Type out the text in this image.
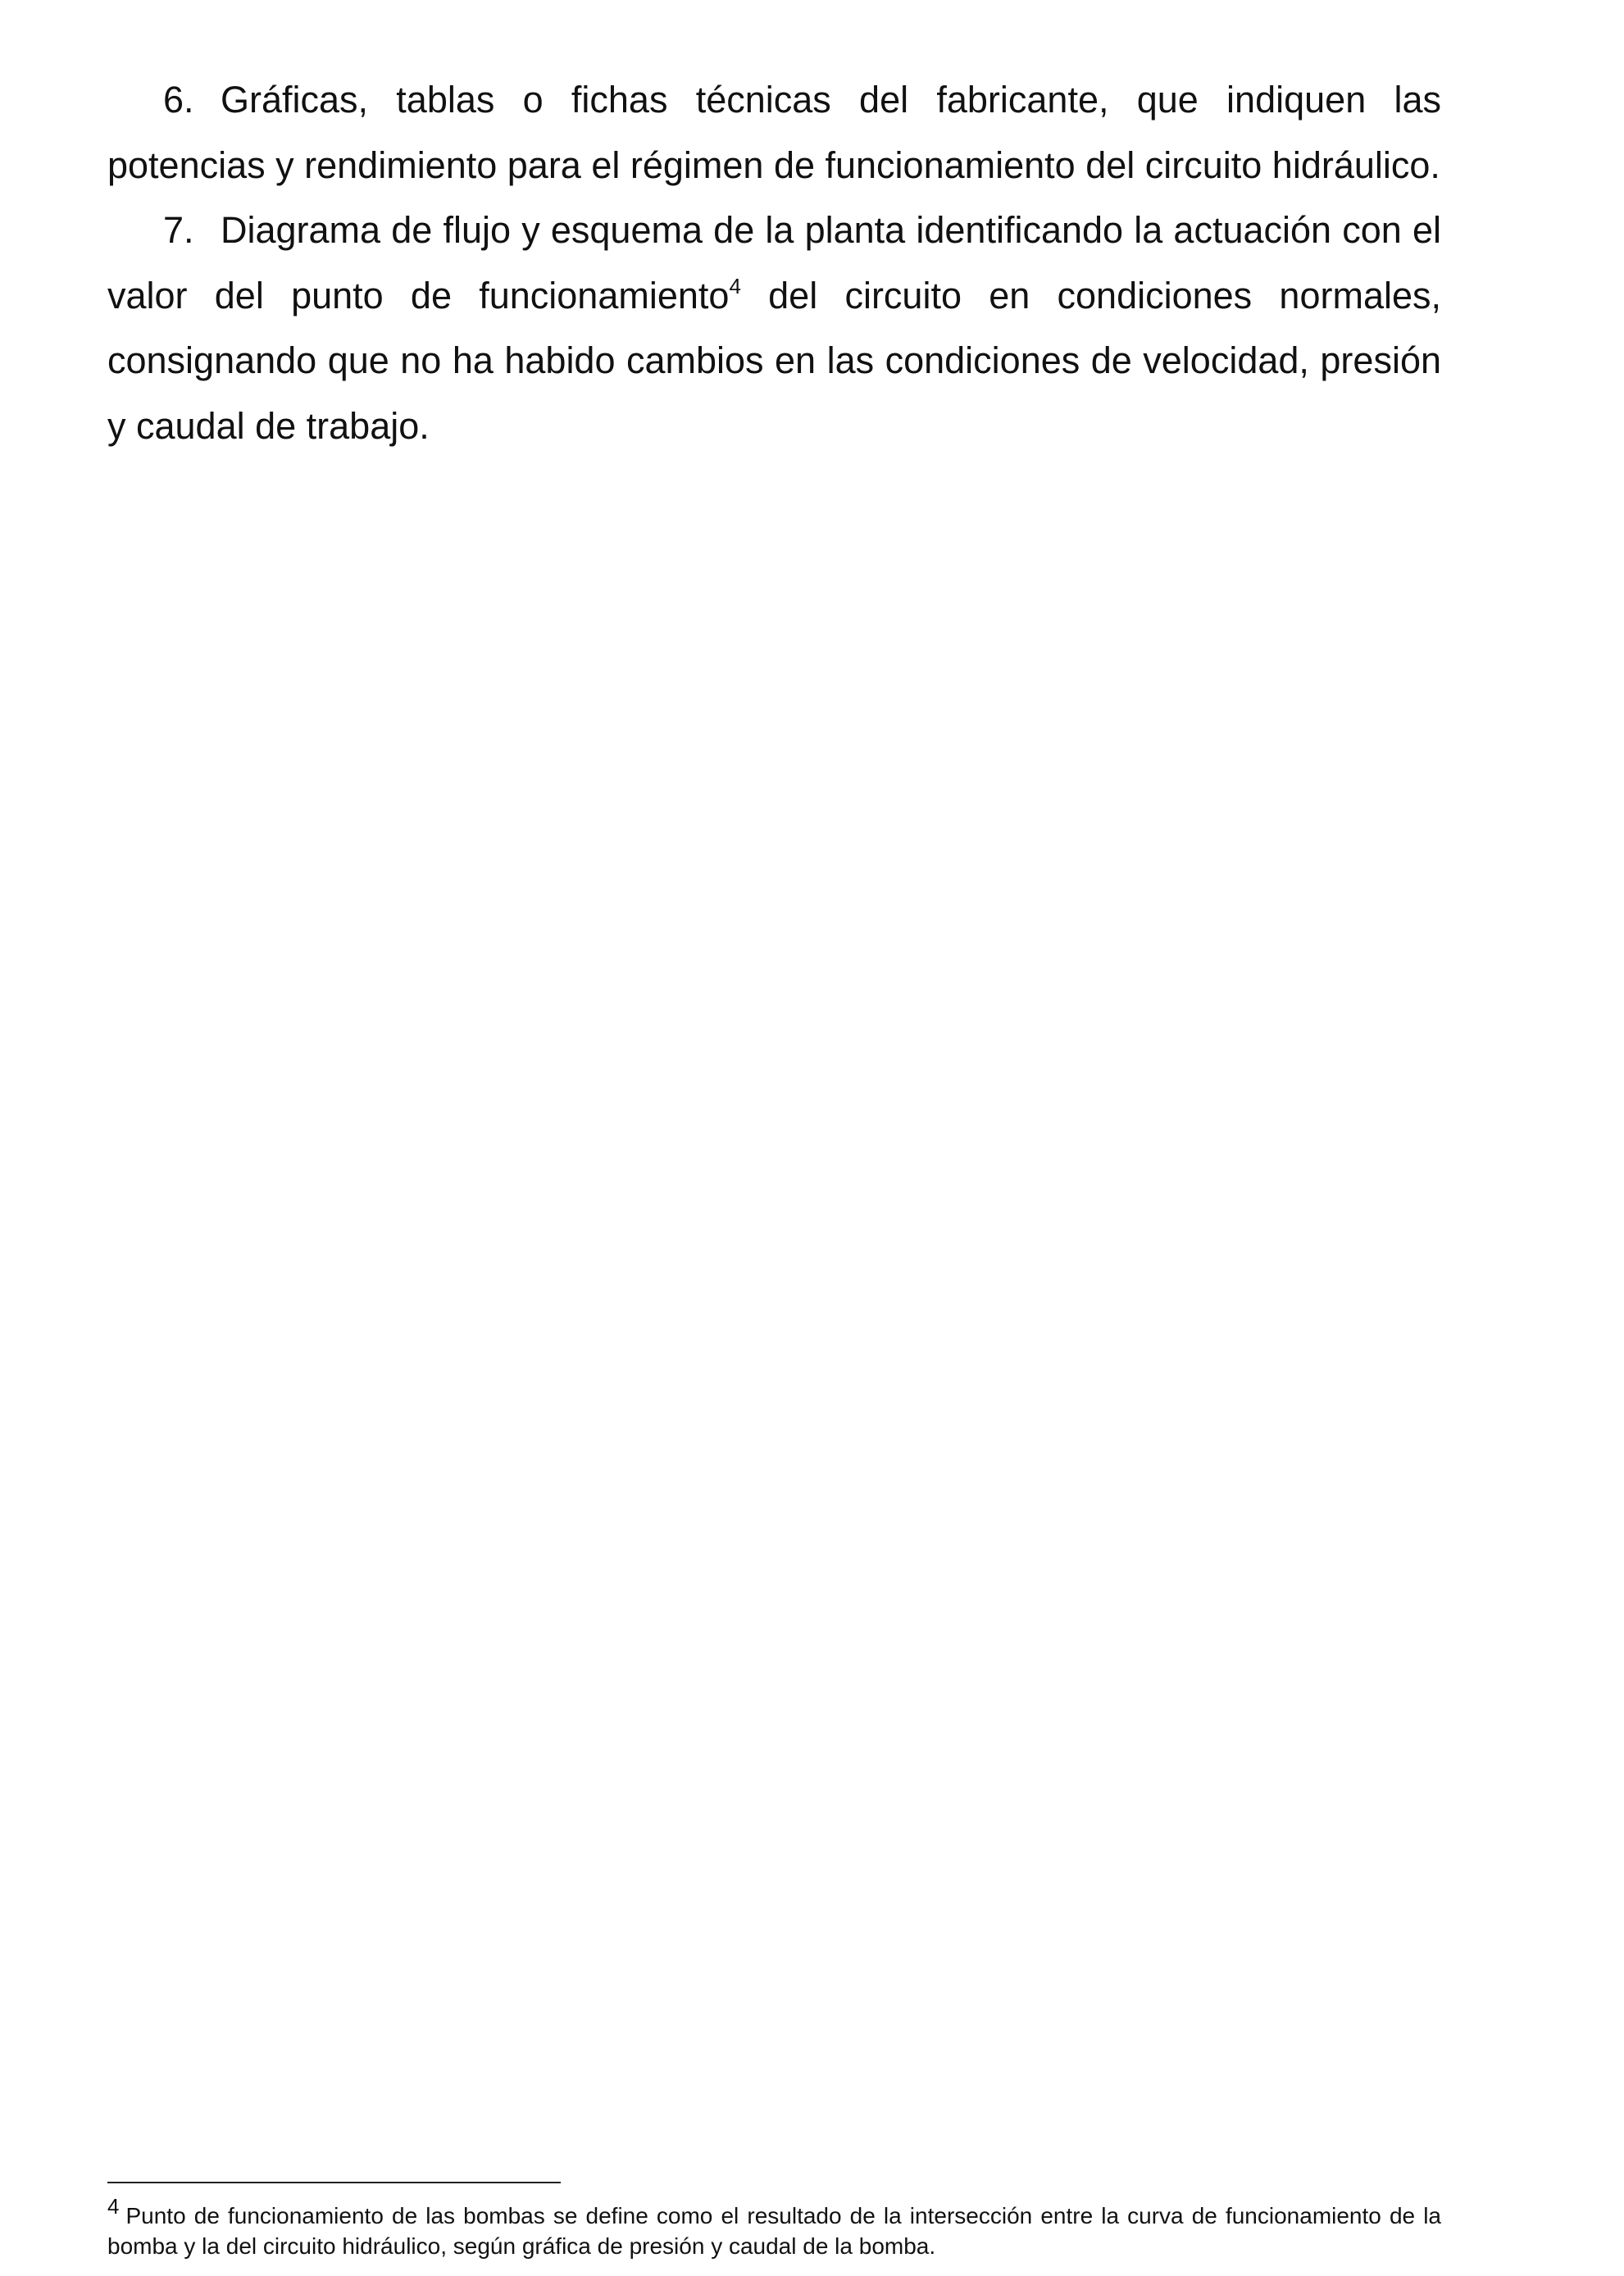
6. Gráficas, tablas o fichas técnicas del fabricante, que indiquen las potencias y rendimiento para el régimen de funcionamiento del circuito hidráulico.

7. Diagrama de flujo y esquema de la planta identificando la actuación con el valor del punto de funcionamiento$^4$ del circuito en condiciones normales, consignando que no ha habido cambios en las condiciones de velocidad, presión y caudal de trabajo.

4 Punto de funcionamiento de las bombas se define como el resultado de la intersección entre la curva de funcionamiento de la bomba y la del circuito hidráulico, según gráfica de presión y caudal de la bomba.
